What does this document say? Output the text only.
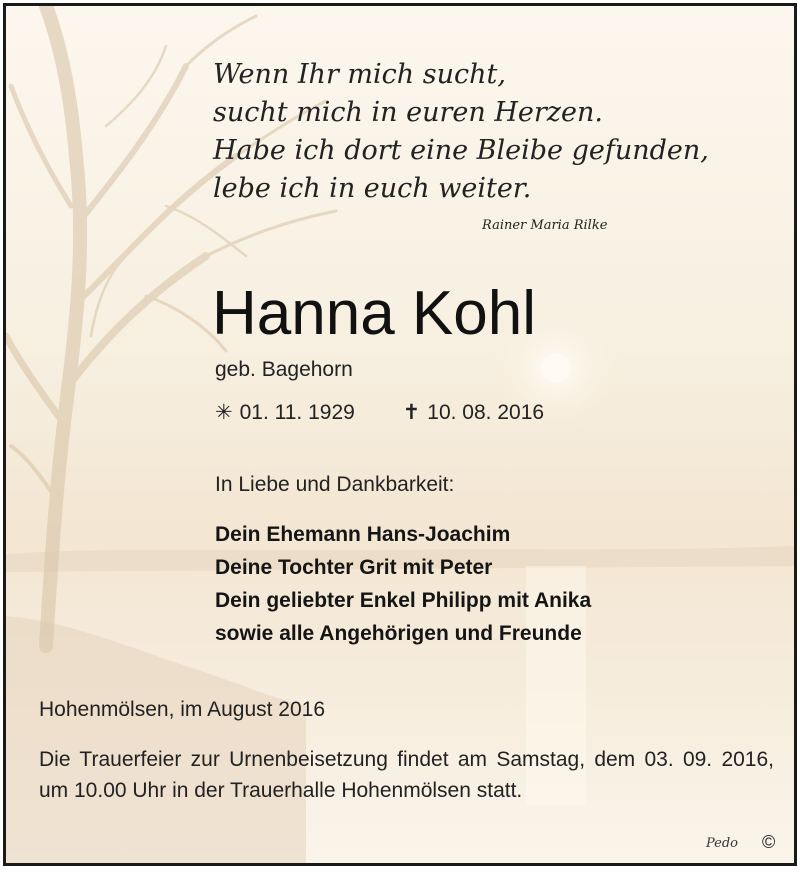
Wenn Ihr mich sucht,
sucht mich in euren Herzen.
Habe ich dort eine Bleibe gefunden,
lebe ich in euch weiter.
Rainer Maria Rilke
Hanna Kohl
geb. Bagehorn
✳ 01. 11. 1929 ✝ 10. 08. 2016
In Liebe und Dankbarkeit:
Dein Ehemann Hans-Joachim
Deine Tochter Grit mit Peter
Dein geliebter Enkel Philipp mit Anika
sowie alle Angehörigen und Freunde
Hohenmölsen, im August 2016
Die Trauerfeier zur Urnenbeisetzung findet am Samstag, dem 03. 09. 2016, um 10.00 Uhr in der Trauerhalle Hohenmölsen statt.
Pedo ©
